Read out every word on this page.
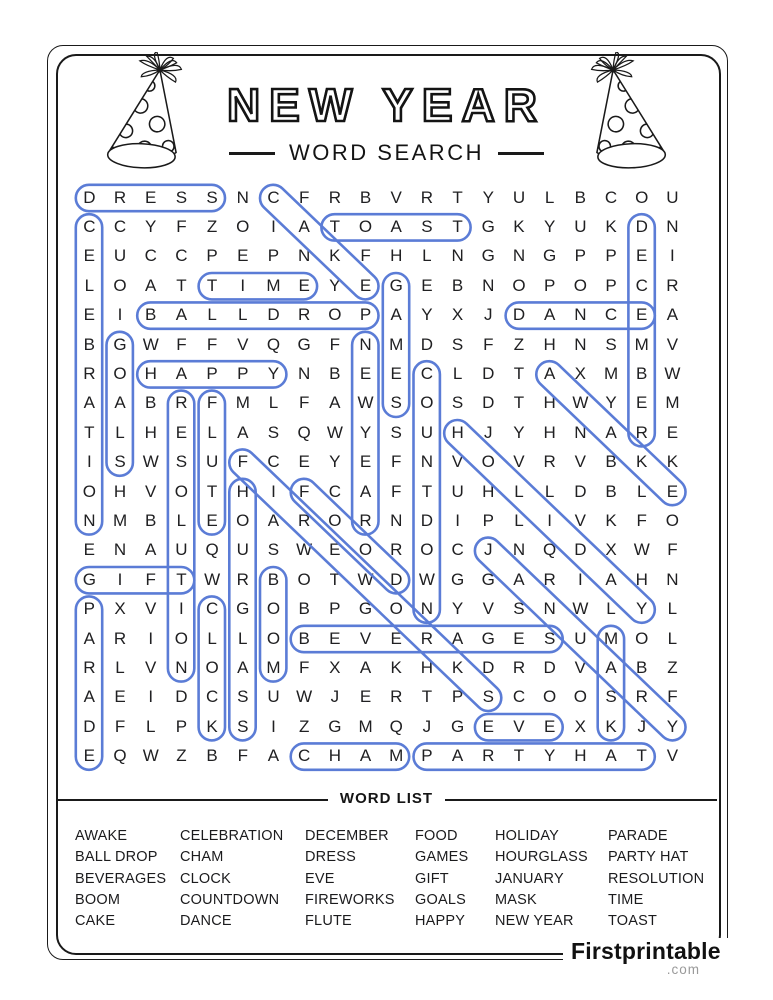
NEW YEAR
WORD SEARCH
D	R	E	S	S	N	C	F	R	B	V	R	T	Y	U	L	B	C	O	U
C	C	Y	F	Z	O	I	A	T	O	A	S	T	G	K	Y	U	K	D	N
E	U	C	C	P	E	P	N	K	F	H	L	N	G	N	G	P	P	E	I
L	O	A	T	T	I	M	E	Y	E	G	E	B	N	O	P	O	P	C	R
E	I	B	A	L	L	D	R	O	P	A	Y	X	J	D	A	N	C	E	A
B	G W	F	F	V	Q	G	F	N	M	D	S	F	Z	H	N	S	M	V
R	O	H	A	P	P	Y	N	B	E	E	C	L	D	T	A	X	M	B W
A	A	B	R	F	M	L	F	A W	S	O	S	D	T	H W	Y	E	M
T	L	H	E	L	A	S	Q W	Y	S	U	H	J	Y	H	N	A	R	E
I	S W	S	U	F	C	E	Y	E	F	N	V	O	V	R	V	B	K	K
O	H	V	O	T	H	I	F	C	A	F	T	U	H	L	L	D	B	L	E
N	M	B	L	E	O	A	R	O	R	N	D	I	P	L	I	V	K	F	O
E	N	A	U	Q	U	S W	E	O	R	O	C	J	N	Q	D	X W	F
G	I	F	T	W R	B	O	T	W D W G	G	A	R	I	A	H	N
P	X	V	I	C	G	O	B	P	G	O	N	Y	V	S	N W	L	Y	L
A	R	I	O	L	L	O	B	E	V	E	R	A	G	E	S	U	M O	L
R	L	V	N	O	A	M	F	X	A	K	H	K	D	R	D	V	A	B	Z
A	E	I	D	C	S	U W	J	E	R	T	P	S	C	O	O	S	R	F
D	F	L	P	K	S	I	Z	G M Q	J	G	E	V	E	X	K	J	Y
E	Q W	Z	B	F	A	C	H	A	M	P	A	R	T	Y	H	A	T	V
WORD LIST
AWAKE
BALL DROP
BEVERAGES
BOOM
CAKE
CELEBRATION
CHAM
CLOCK
COUNTDOWN
DANCE
DECEMBER
DRESS
EVE
FIREWORKS
FLUTE
FOOD
GAMES
GIFT
GOALS
HAPPY
HOLIDAY
HOURGLASS
JANUARY
MASK
NEW YEAR
PARADE
PARTY HAT
RESOLUTION
TIME
TOAST
Firstprintable
.com
